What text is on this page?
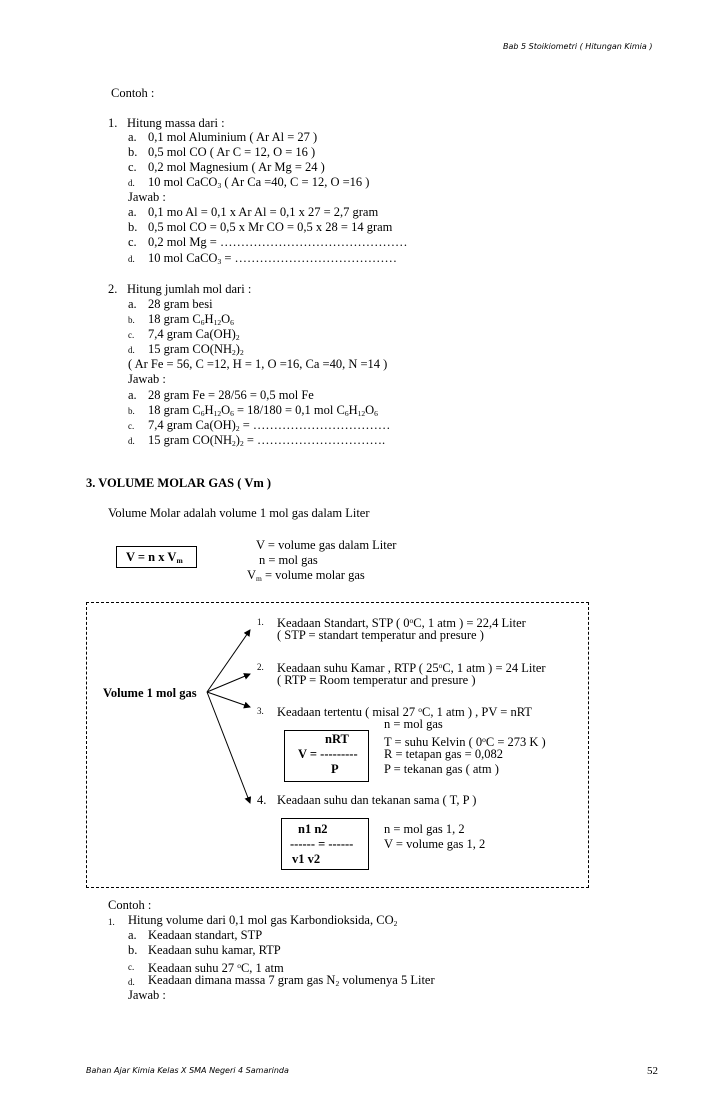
Bab 5 Stoikiometri ( Hitungan Kimia )
Contoh :
1. Hitung massa dari :
a. 0,1 mol Aluminium ( Ar Al = 27 )
b. 0,5 mol CO ( Ar C = 12, O = 16 )
c. 0,2 mol Magnesium ( Ar Mg = 24 )
d. 10 mol CaCO$_3$ ( Ar Ca =40, C = 12, O =16 )
Jawab :
a. 0,1 mo Al = 0,1 x Ar Al = 0,1 x 27 = 2,7 gram
b. 0,5 mol CO = 0,5 x Mr CO = 0,5 x 28 = 14 gram
c. 0,2 mol Mg = ………………………………………
d. 10 mol CaCO$_3$ = …………………………………
2. Hitung jumlah mol dari :
a. 28 gram besi
b. 18 gram $C_6H_{12}O_6$
c. 7,4 gram $Ca(OH)_2$
d. 15 gram $CO(NH_2)_2$
( Ar Fe = 56, C =12, H = 1, O =16, Ca =40, N =14 )
Jawab :
a. 28 gram Fe = 28/56 = 0,5 mol Fe
b. 18 gram $C_6H_{12}O_6 = 18/180 = 0,1$ mol $C_6H_{12}O_6$
c. 7,4 gram $Ca(OH)_2$ = ……………………………
d. 15 gram $CO(NH_2)_2$ = ………………………….
3. VOLUME MOLAR GAS ( Vm )
Volume Molar adalah volume 1 mol gas dalam Liter
V = n x $V_m$
V = volume gas dalam Liter
n = mol gas
$V_m$ = volume molar gas
Volume 1 mol gas
1. Keadaan Standart, STP ( 0$^o$C, 1 atm ) = 22,4 Liter
( STP = standart temperatur and presure )
2. Keadaan suhu Kamar , RTP ( 25$^o$C, 1 atm ) = 24 Liter
( RTP = Room temperatur and presure )
3. Keadaan tertentu ( misal 27 $^o$C, 1 atm ) , PV = nRT
nRT
V = ---------
P
n = mol gas
T = suhu Kelvin ( $0^oC = 273$ K )
R = tetapan gas = 0,082
P = tekanan gas ( atm )
4. Keadaan suhu dan tekanan sama ( T, P )
n1 n2
------ = ------
v1 v2
n = mol gas 1, 2
V = volume gas 1, 2
Contoh :
1. Hitung volume dari 0,1 mol gas Karbondioksida, $CO_2$
a. Keadaan standart, STP
b. Keadaan suhu kamar, RTP
c. Keadaan suhu 27 $^o$C, 1 atm
d. Keadaan dimana massa 7 gram gas $N_2$ volumenya 5 Liter
Jawab :
Bahan Ajar Kimia Kelas X SMA Negeri 4 Samarinda	52
